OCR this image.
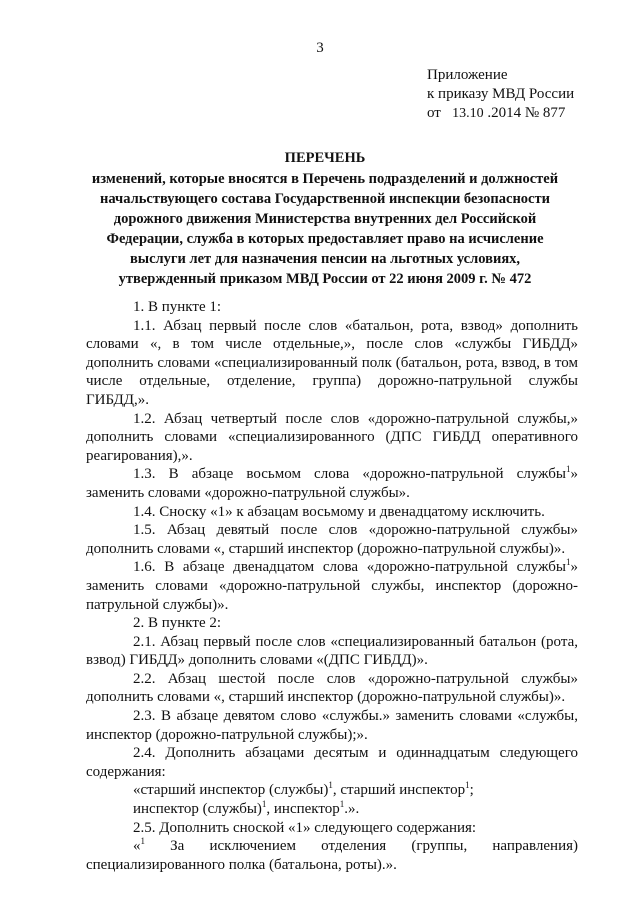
3
Приложение
к приказу МВД России
от 13.10 .2014 № 877
ПЕРЕЧЕНЬ
изменений, которые вносятся в Перечень подразделений и должностей начальствующего состава Государственной инспекции безопасности дорожного движения Министерства внутренних дел Российской Федерации, служба в которых предоставляет право на исчисление выслуги лет для назначения пенсии на льготных условиях, утвержденный приказом МВД России от 22 июня 2009 г. № 472

1. В пункте 1:

1.1. Абзац первый после слов «батальон, рота, взвод» дополнить словами «, в том числе отдельные,», после слов «службы ГИБДД» дополнить словами «специализированный полк (батальон, рота, взвод, в том числе отдельные, отделение, группа) дорожно-патрульной службы ГИБДД,».

1.2. Абзац четвертый после слов «дорожно-патрульной службы,» дополнить словами «специализированного (ДПС ГИБДД оперативного реагирования),».

1.3. В абзаце восьмом слова «дорожно-патрульной службы$^1$» заменить словами «дорожно-патрульной службы».

1.4. Сноску «1» к абзацам восьмому и двенадцатому исключить.

1.5. Абзац девятый после слов «дорожно-патрульной службы» дополнить словами «, старший инспектор (дорожно-патрульной службы)».

1.6. В абзаце двенадцатом слова «дорожно-патрульной службы$^1$» заменить словами «дорожно-патрульной службы, инспектор (дорожно-патрульной службы)».

2. В пункте 2:

2.1. Абзац первый после слов «специализированный батальон (рота, взвод) ГИБДД» дополнить словами «(ДПС ГИБДД)».

2.2. Абзац шестой после слов «дорожно-патрульной службы» дополнить словами «, старший инспектор (дорожно-патрульной службы)».

2.3. В абзаце девятом слово «службы.» заменить словами «службы, инспектор (дорожно-патрульной службы);».

2.4. Дополнить абзацами десятым и одиннадцатым следующего содержания:

«старший инспектор (службы)$^1$, старший инспектор$^1$;

инспектор (службы)$^1$, инспектор$^1$.».

2.5. Дополнить сноской «1» следующего содержания:

«$^1$ За исключением отделения (группы, направления) специализированного полка (батальона, роты).».
